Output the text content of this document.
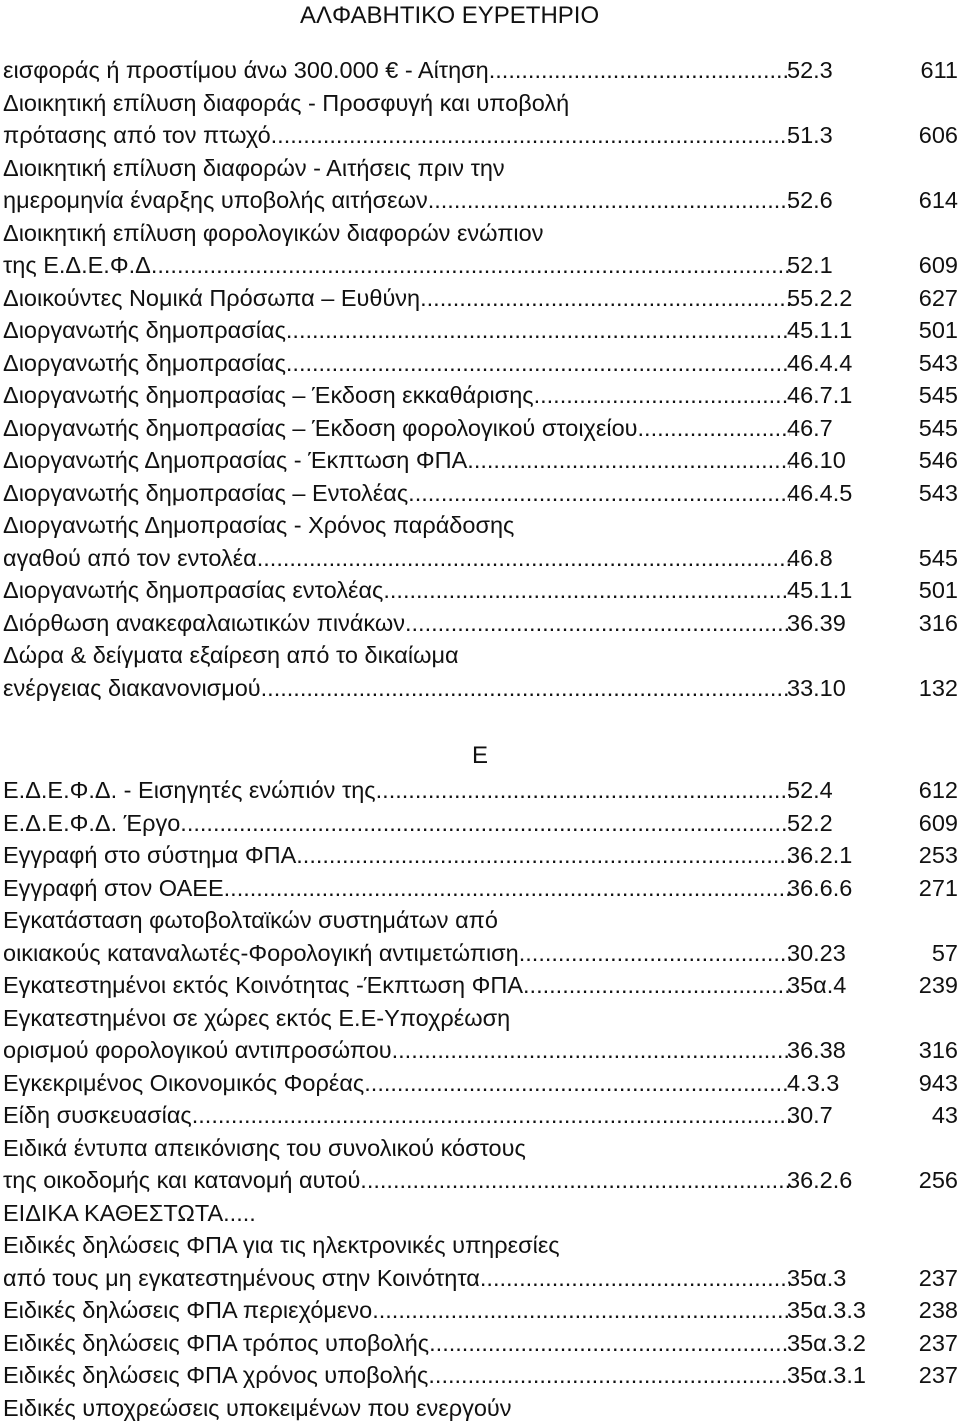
ΑΛΦΑΒΗΤΙΚΟ ΕΥΡΕΤΗΡΙΟ
εισφοράς ή προστίμου άνω 300.000 € - Αίτηση .....	52.3	611
Διοικητική επίλυση διαφοράς - Προσφυγή και υποβολή
πρότασης από τον πτωχό .....	51.3	606
Διοικητική επίλυση διαφορών - Αιτήσεις πριν την
ημερομηνία έναρξης υποβολής αιτήσεων .....	52.6	614
Διοικητική επίλυση φορολογικών διαφορών ενώπιον
της Ε.Δ.Ε.Φ.Δ .....	52.1	609
Διοικούντες Νομικά Πρόσωπα – Ευθύνη .....	55.2.2	627
Διοργανωτής δημοπρασίας .....	45.1.1	501
Διοργανωτής δημοπρασίας .....	46.4.4	543
Διοργανωτής δημοπρασίας – Έκδοση εκκαθάρισης .....	46.7.1	545
Διοργανωτής δημοπρασίας – Έκδοση φορολογικού στοιχείου .....	46.7	545
Διοργανωτής Δημοπρασίας - Έκπτωση ΦΠΑ .....	46.10	546
Διοργανωτής δημοπρασίας – Εντολέας .....	46.4.5	543
Διοργανωτής Δημοπρασίας - Χρόνος παράδοσης
αγαθού από τον εντολέα .....	46.8	545
Διοργανωτής δημοπρασίας εντολέας .....	45.1.1	501
Διόρθωση ανακεφαλαιωτικών πινάκων .....	36.39	316
Δώρα & δείγματα εξαίρεση από το δικαίωμα
ενέργειας διακανονισμού .....	33.10	132
Ε
Ε.Δ.Ε.Φ.Δ. - Εισηγητές ενώπιόν της .....	52.4	612
Ε.Δ.Ε.Φ.Δ. Έργο .....	52.2	609
Εγγραφή στο σύστημα ΦΠΑ .....	36.2.1	253
Εγγραφή στον ΟΑΕΕ .....	36.6.6	271
Εγκατάσταση φωτοβολταϊκών συστημάτων από
οικιακούς καταναλωτές-Φορολογική αντιμετώπιση .....	30.23	57
Εγκατεστημένοι εκτός Κοινότητας -Έκπτωση ΦΠΑ .....	35α.4	239
Εγκατεστημένοι σε χώρες εκτός Ε.Ε-Υποχρέωση
ορισμού φορολογικού αντιπροσώπου .....	36.38	316
Εγκεκριμένος Οικονομικός Φορέας .....	4.3.3	943
Είδη συσκευασίας .....	30.7	43
Ειδικά έντυπα απεικόνισης του συνολικού κόστους
της οικοδομής και κατανομή αυτού .....	36.2.6	256
ΕΙΔΙΚΑ ΚΑΘΕΣΤΩΤΑ .....
Ειδικές δηλώσεις ΦΠΑ για τις ηλεκτρονικές υπηρεσίες
από τους μη εγκατεστημένους στην Κοινότητα .....	35α.3	237
Ειδικές δηλώσεις ΦΠΑ περιεχόμενο .....	35α.3.3 238
Ειδικές δηλώσεις ΦΠΑ τρόπος υποβολής .....	35α.3.2 237
Ειδικές δηλώσεις ΦΠΑ χρόνος υποβολής .....	35α.3.1 237
Ειδικές υποχρεώσεις υποκειμένων που ενεργούν
